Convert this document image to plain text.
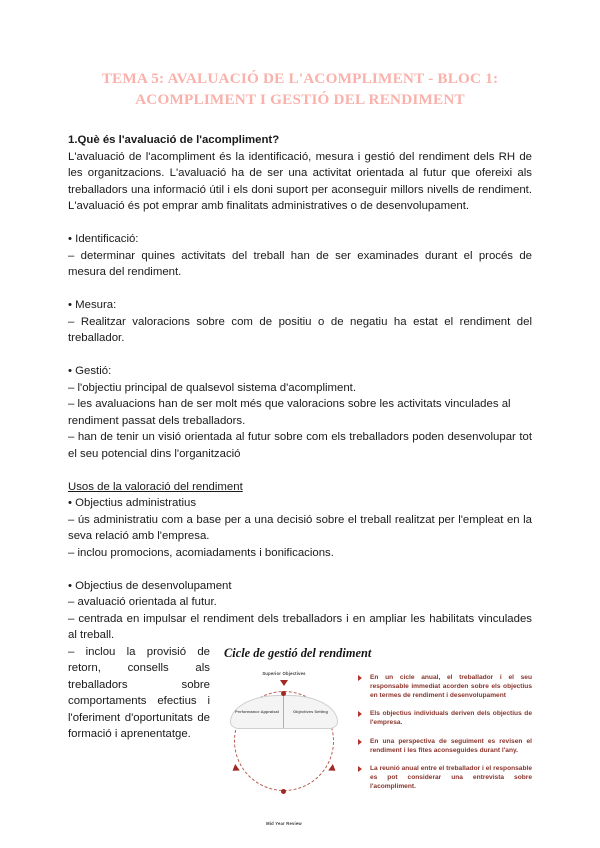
TEMA 5: AVALUACIÓ DE L'ACOMPLIMENT - BLOC 1: ACOMPLIMENT I GESTIÓ DEL RENDIMENT
1.Què és l'avaluació de l'acompliment?

L'avaluació de l'acompliment és la identificació, mesura i gestió del rendiment dels RH de les organitzacions. L'avaluació ha de ser una activitat orientada al futur que ofereixi als treballadors una informació útil i els doni suport per aconseguir millors nivells de rendiment. L'avaluació és pot emprar amb finalitats administratives o de desenvolupament.

• Identificació:

– determinar quines activitats del treball han de ser examinades durant el procés de mesura del rendiment.

• Mesura:

– Realitzar valoracions sobre com de positiu o de negatiu ha estat el rendiment del treballador.

• Gestió:

– l'objectiu principal de qualsevol sistema d'acompliment.

– les avaluacions han de ser molt més que valoracions sobre les activitats vinculades al rendiment passat dels treballadors.

– han de tenir un visió orientada al futur sobre com els treballadors poden desenvolupar tot el seu potencial dins l'organització

Usos de la valoració del rendiment

• Objectius administratius

– ús administratiu com a base per a una decisió sobre el treball realitzat per l'empleat en la seva relació amb l'empresa.

– inclou promocions, acomiadaments i bonificacions.

• Objectius de desenvolupament

– avaluació orientada al futur.

– centrada en impulsar el rendiment dels treballadors i en ampliar les habilitats vinculades al treball.

Cicle de gestió del rendiment
Superior Objectives
Performance Appraisal	Objectives Setting
Mid Year Review
En un cicle anual, el treballador i el seu responsable immediat acorden sobre els objectius en termes de rendiment i desenvolupament
Els objectius individuals deriven dels objectius de l'empresa.
En una perspectiva de seguiment es revisen el rendiment i les fites aconseguides durant l'any.
La reunió anual entre el treballador i el responsable es pot considerar una entrevista sobre l'acompliment.

– inclou la provisió de retorn, consells als treballadors sobre comportaments efectius i l'oferiment d'oportunitats de formació i aprenentatge.
